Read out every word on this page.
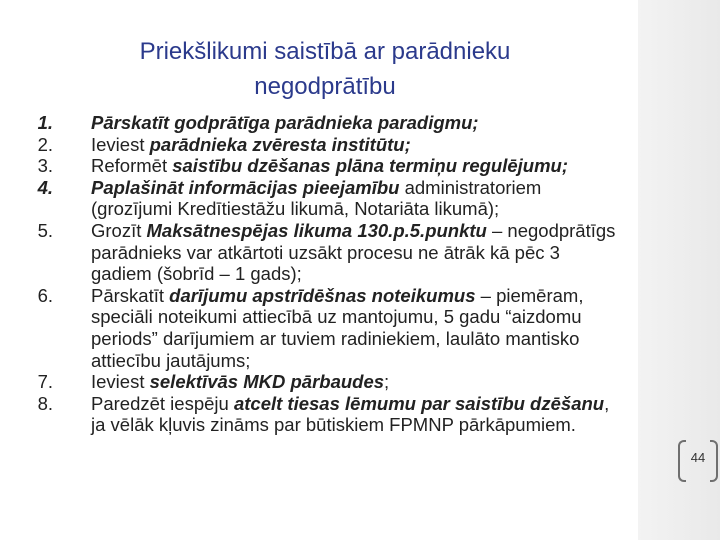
Priekšlikumi saistībā ar parādnieku
negodprātību
1. Pārskatīt godprātīga parādnieka paradigmu;
2. Ieviest parādnieka zvēresta institūtu;
3. Reformēt saistību dzēšanas plāna termiņu regulējumu;
4. Paplašināt informācijas pieejamību administratoriem (grozījumi Kredītiestāžu likumā, Notariāta likumā);
5. Grozīt Maksātnespējas likuma 130.p.5.punktu – negodprātīgs parādnieks var atkārtoti uzsākt procesu ne ātrāk kā pēc 3 gadiem (šobrīd – 1 gads);
6. Pārskatīt darījumu apstrīdēšnas noteikumus – piemēram, speciāli noteikumi attiecībā uz mantojumu, 5 gadu “aizdomu periods” darījumiem ar tuviem radiniekiem, laulāto mantisko attiecību jautājums;
7. Ieviest selektīvās MKD pārbaudes;
8. Paredzēt iespēju atcelt tiesas lēmumu par saistību dzēšanu, ja vēlāk kļuvis zināms par būtiskiem FPMNP pārkāpumiem.
44
